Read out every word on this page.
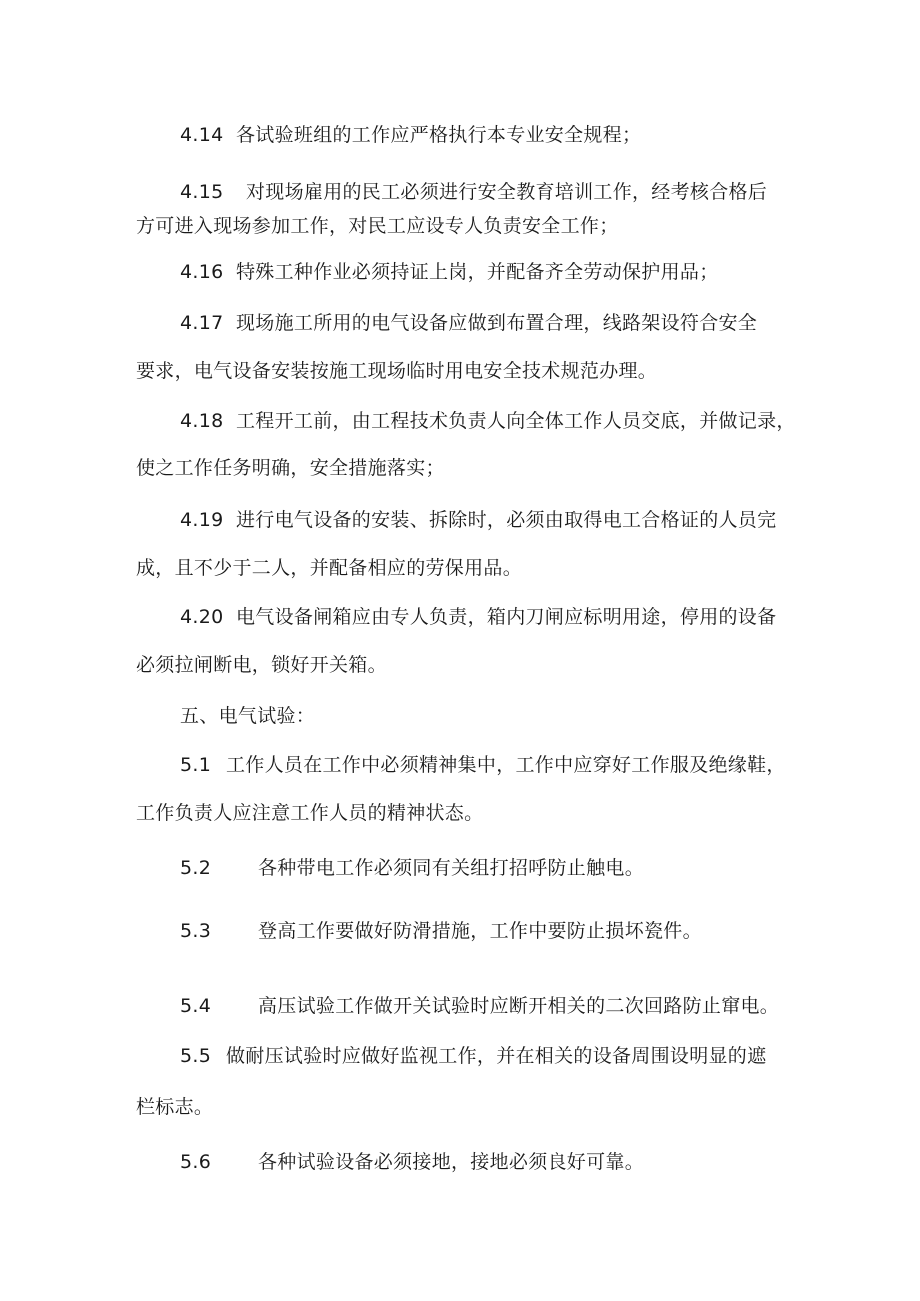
4.14 各试验班组的工作应严格执行本专业安全规程；
4.15 对现场雇用的民工必须进行安全教育培训工作，经考核合格后
方可进入现场参加工作，对民工应设专人负责安全工作；
4.16 特殊工种作业必须持证上岗，并配备齐全劳动保护用品；
4.17 现场施工所用的电气设备应做到布置合理，线路架设符合安全
要求，电气设备安装按施工现场临时用电安全技术规范办理。
4.18 工程开工前，由工程技术负责人向全体工作人员交底，并做记录，
使之工作任务明确，安全措施落实；
4.19 进行电气设备的安装、拆除时，必须由取得电工合格证的人员完
成，且不少于二人，并配备相应的劳保用品。
4.20 电气设备闸箱应由专人负责，箱内刀闸应标明用途，停用的设备
必须拉闸断电，锁好开关箱。
五、电气试验：
5.1 工作人员在工作中必须精神集中，工作中应穿好工作服及绝缘鞋，
工作负责人应注意工作人员的精神状态。
5.2 各种带电工作必须同有关组打招呼防止触电。
5.3 登高工作要做好防滑措施，工作中要防止损坏瓷件。
5.4 高压试验工作做开关试验时应断开相关的二次回路防止窜电。
5.5 做耐压试验时应做好监视工作，并在相关的设备周围设明显的遮
栏标志。
5.6 各种试验设备必须接地，接地必须良好可靠。
